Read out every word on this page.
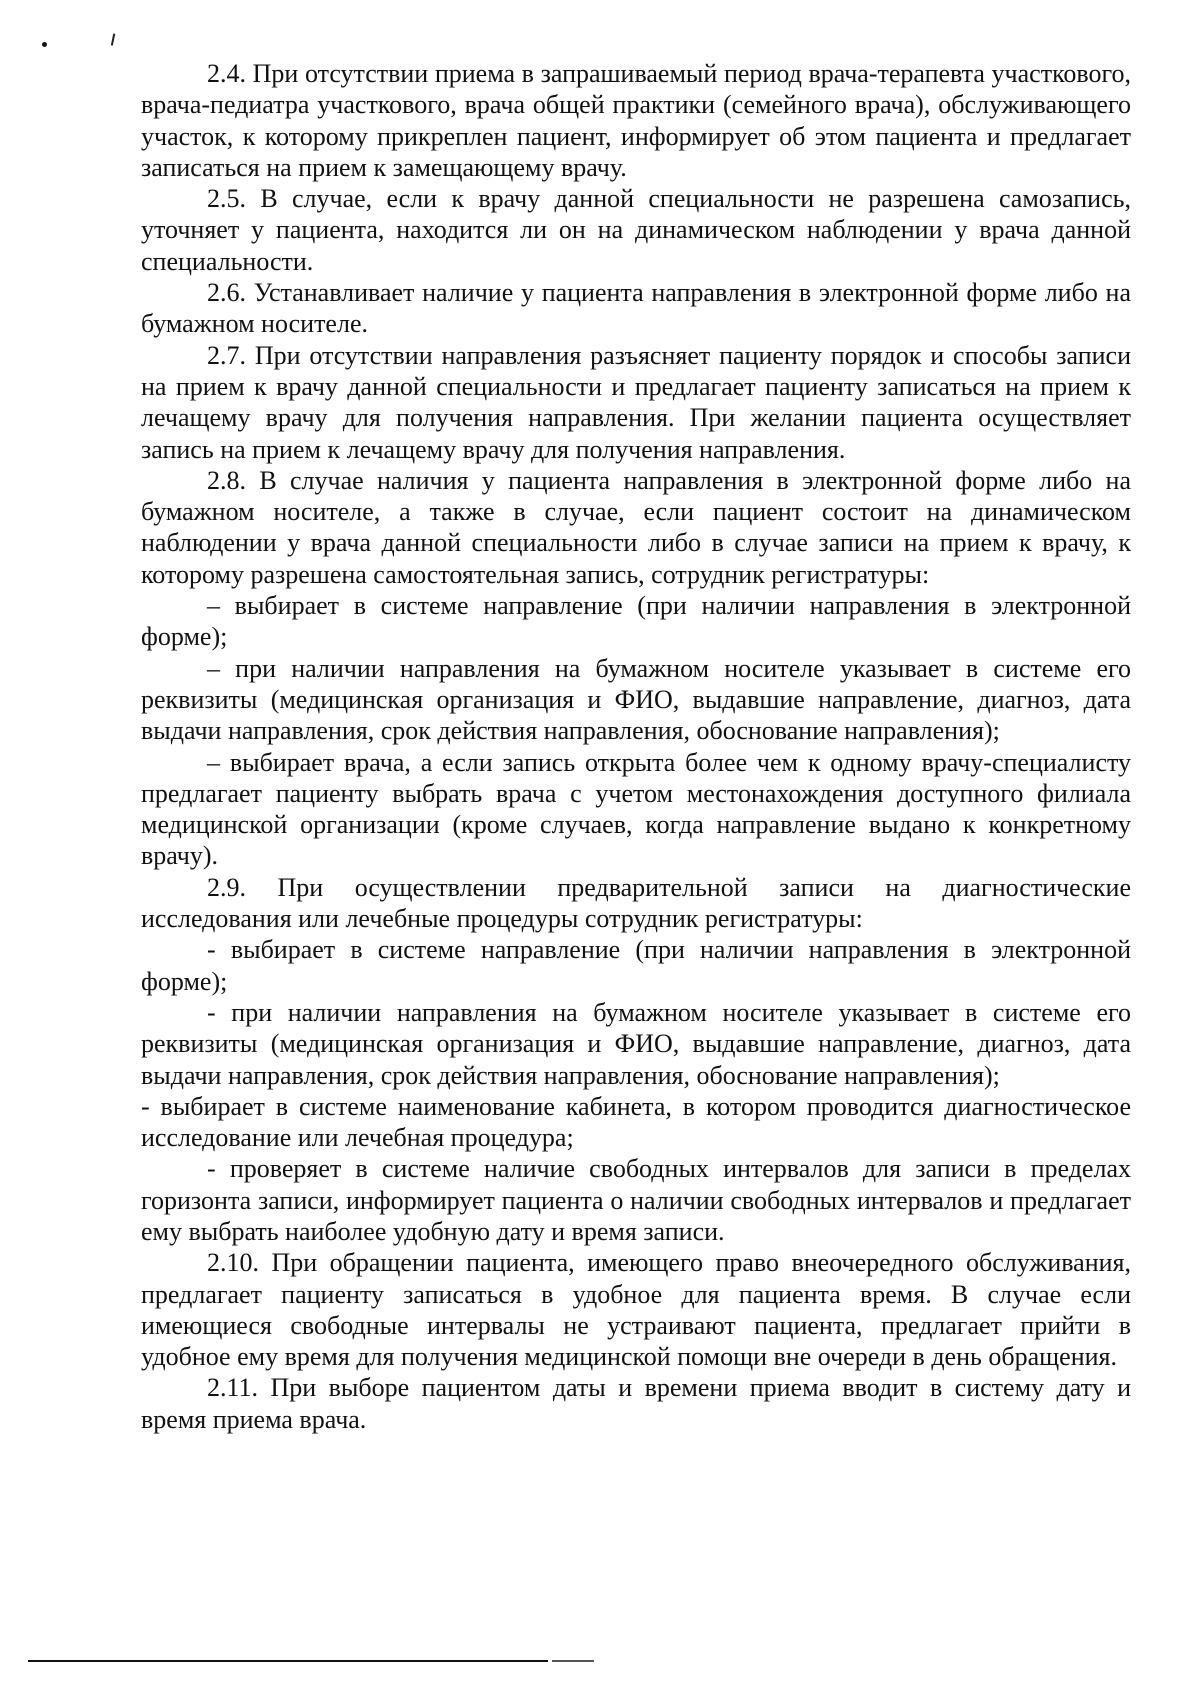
2.4. При отсутствии приема в запрашиваемый период врача-терапевта участкового, врача-педиатра участкового, врача общей практики (семейного врача), обслуживающего участок, к которому прикреплен пациент, информирует об этом пациента и предлагает записаться на прием к замещающему врачу.

2.5. В случае, если к врачу данной специальности не разрешена самозапись, уточняет у пациента, находится ли он на динамическом наблюдении у врача данной специальности.

2.6. Устанавливает наличие у пациента направления в электронной форме либо на бумажном носителе.

2.7. При отсутствии направления разъясняет пациенту порядок и способы записи на прием к врачу данной специальности и предлагает пациенту записаться на прием к лечащему врачу для получения направления. При желании пациента осуществляет запись на прием к лечащему врачу для получения направления.

2.8. В случае наличия у пациента направления в электронной форме либо на бумажном носителе, а также в случае, если пациент состоит на динамическом наблюдении у врача данной специальности либо в случае записи на прием к врачу, к которому разрешена самостоятельная запись, сотрудник регистратуры:

– выбирает в системе направление (при наличии направления в электронной форме);

– при наличии направления на бумажном носителе указывает в системе его реквизиты (медицинская организация и ФИО, выдавшие направление, диагноз, дата выдачи направления, срок действия направления, обоснование направления);

– выбирает врача, а если запись открыта более чем к одному врачу-специалисту предлагает пациенту выбрать врача с учетом местонахождения доступного филиала медицинской организации (кроме случаев, когда направление выдано к конкретному врачу).

2.9. При осуществлении предварительной записи на диагностические исследования или лечебные процедуры сотрудник регистратуры:

- выбирает в системе направление (при наличии направления в электронной форме);

- при наличии направления на бумажном носителе указывает в системе его реквизиты (медицинская организация и ФИО, выдавшие направление, диагноз, дата выдачи направления, срок действия направления, обоснование направления);

- выбирает в системе наименование кабинета, в котором проводится диагностическое исследование или лечебная процедура;

- проверяет в системе наличие свободных интервалов для записи в пределах горизонта записи, информирует пациента о наличии свободных интервалов и предлагает ему выбрать наиболее удобную дату и время записи.

2.10. При обращении пациента, имеющего право внеочередного обслуживания, предлагает пациенту записаться в удобное для пациента время. В случае если имеющиеся свободные интервалы не устраивают пациента, предлагает прийти в удобное ему время для получения медицинской помощи вне очереди в день обращения.

2.11. При выборе пациентом даты и времени приема вводит в систему дату и время приема врача.
